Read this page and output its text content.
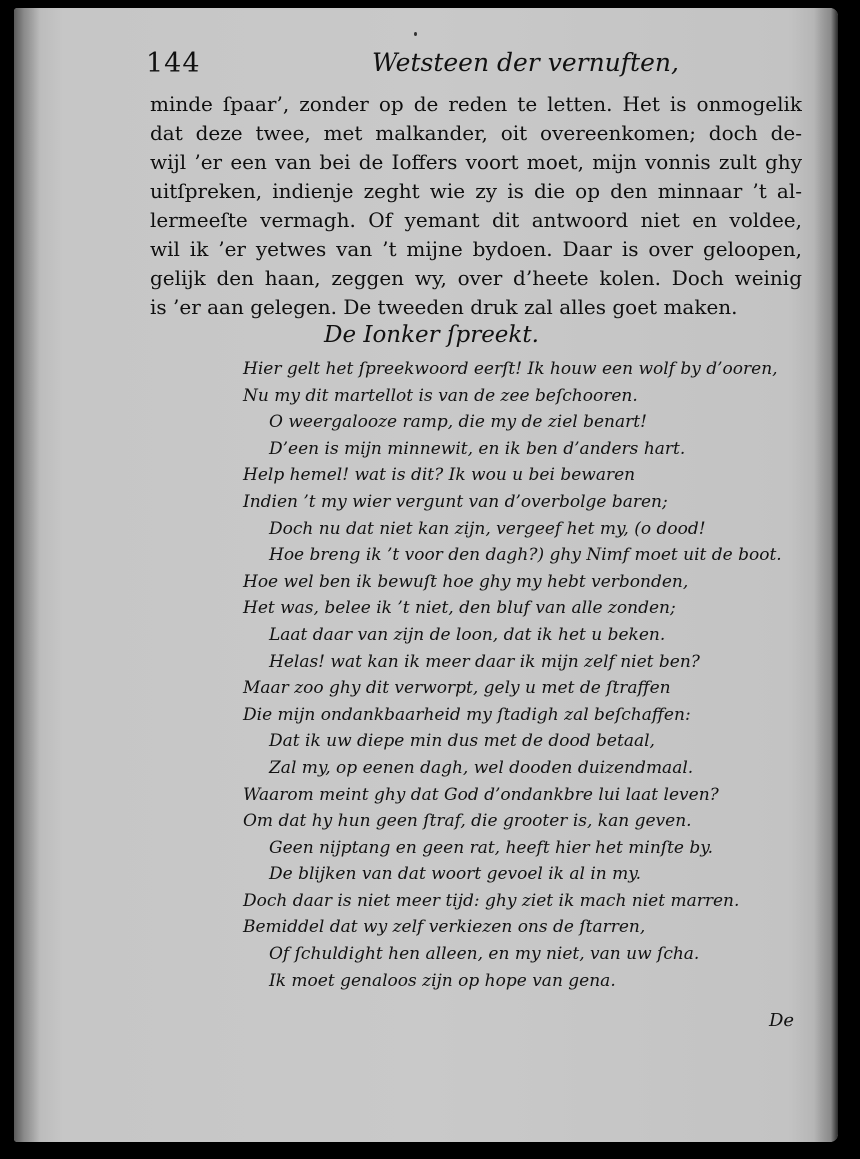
144	Wetsteen der vernuften,
minde ſpaar’, zonder op de reden te letten. Het is onmogelik
dat deze twee, met malkander, oit overeenkomen; doch de-
wijl ’er een van bei de Ioffers voort moet, mijn vonnis zult ghy
uitſpreken, indienje zeght wie zy is die op den minnaar ’t al-
lermeeſte vermagh. Of yemant dit antwoord niet en voldee,
wil ik ’er yetwes van ’t mijne bydoen. Daar is over geloopen,
gelijk den haan, zeggen wy, over d’heete kolen. Doch weinig
is ’er aan gelegen. De tweeden druk zal alles goet maken.
De Ionker ſpreekt.
Hier gelt het ſpreekwoord eerſt! Ik houw een wolf by d’ooren,
Nu my dit martellot is van de zee beſchooren.
O weergalooze ramp, die my de ziel benart!
D’een is mijn minnewit, en ik ben d’anders hart.
Help hemel! wat is dit? Ik wou u bei bewaren
Indien ’t my wier vergunt van d’overbolge baren;
Doch nu dat niet kan zijn, vergeef het my, (o dood!
Hoe breng ik ’t voor den dagh?) ghy Nimf moet uit de boot.
Hoe wel ben ik bewuſt hoe ghy my hebt verbonden,
Het was, belee ik ’t niet, den bluf van alle zonden;
Laat daar van zijn de loon, dat ik het u beken.
Helas! wat kan ik meer daar ik mijn zelf niet ben?
Maar zoo ghy dit verworpt, gely u met de ſtraffen
Die mijn ondankbaarheid my ſtadigh zal beſchaffen:
Dat ik uw diepe min dus met de dood betaal,
Zal my, op eenen dagh, wel dooden duizendmaal.
Waarom meint ghy dat God d’ondankbre lui laat leven?
Om dat hy hun geen ſtraf, die grooter is, kan geven.
Geen nijptang en geen rat, heeft hier het minſte by.
De blijken van dat woort gevoel ik al in my.
Doch daar is niet meer tijd: ghy ziet ik mach niet marren.
Bemiddel dat wy zelf verkiezen ons de ſtarren,
Of ſchuldight hen alleen, en my niet, van uw ſcha.
Ik moet genaloos zijn op hope van gena.
De
